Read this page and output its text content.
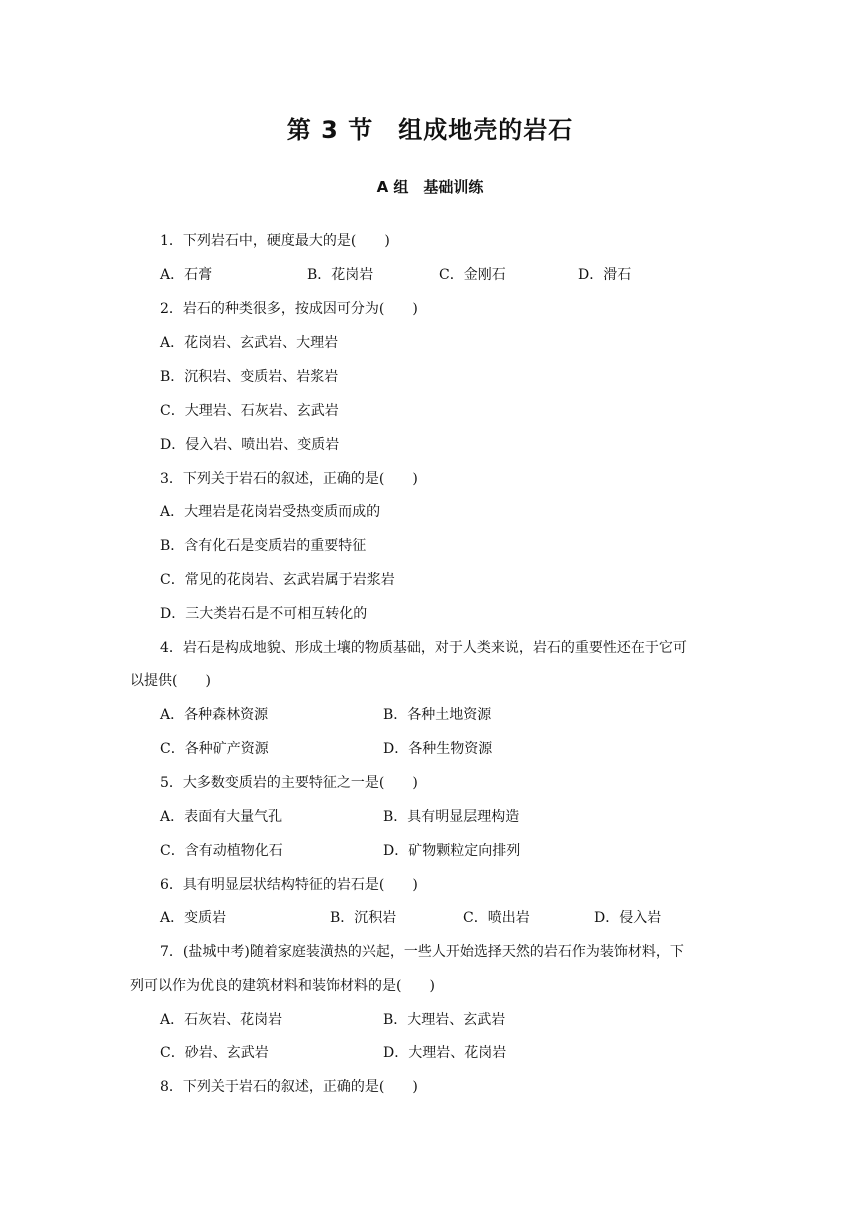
第 3 节　组成地壳的岩石
A 组　基础训练
1．下列岩石中，硬度最大的是(　　)
A．石膏	B．花岗岩	C．金刚石	D．滑石
2．岩石的种类很多，按成因可分为(　　)
A．花岗岩、玄武岩、大理岩
B．沉积岩、变质岩、岩浆岩
C．大理岩、石灰岩、玄武岩
D．侵入岩、喷出岩、变质岩
3．下列关于岩石的叙述，正确的是(　　)
A．大理岩是花岗岩受热变质而成的
B．含有化石是变质岩的重要特征
C．常见的花岗岩、玄武岩属于岩浆岩
D．三大类岩石是不可相互转化的
4．岩石是构成地貌、形成土壤的物质基础，对于人类来说，岩石的重要性还在于它可
以提供(　　)
A．各种森林资源	B．各种土地资源
C．各种矿产资源	D．各种生物资源
5．大多数变质岩的主要特征之一是(　　)
A．表面有大量气孔	B．具有明显层理构造
C．含有动植物化石	D．矿物颗粒定向排列
6．具有明显层状结构特征的岩石是(　　)
A．变质岩	B．沉积岩	C．喷出岩	D．侵入岩
7．(盐城中考)随着家庭装潢热的兴起，一些人开始选择天然的岩石作为装饰材料，下
列可以作为优良的建筑材料和装饰材料的是(　　)
A．石灰岩、花岗岩	B．大理岩、玄武岩
C．砂岩、玄武岩	D．大理岩、花岗岩
8．下列关于岩石的叙述，正确的是(　　)
